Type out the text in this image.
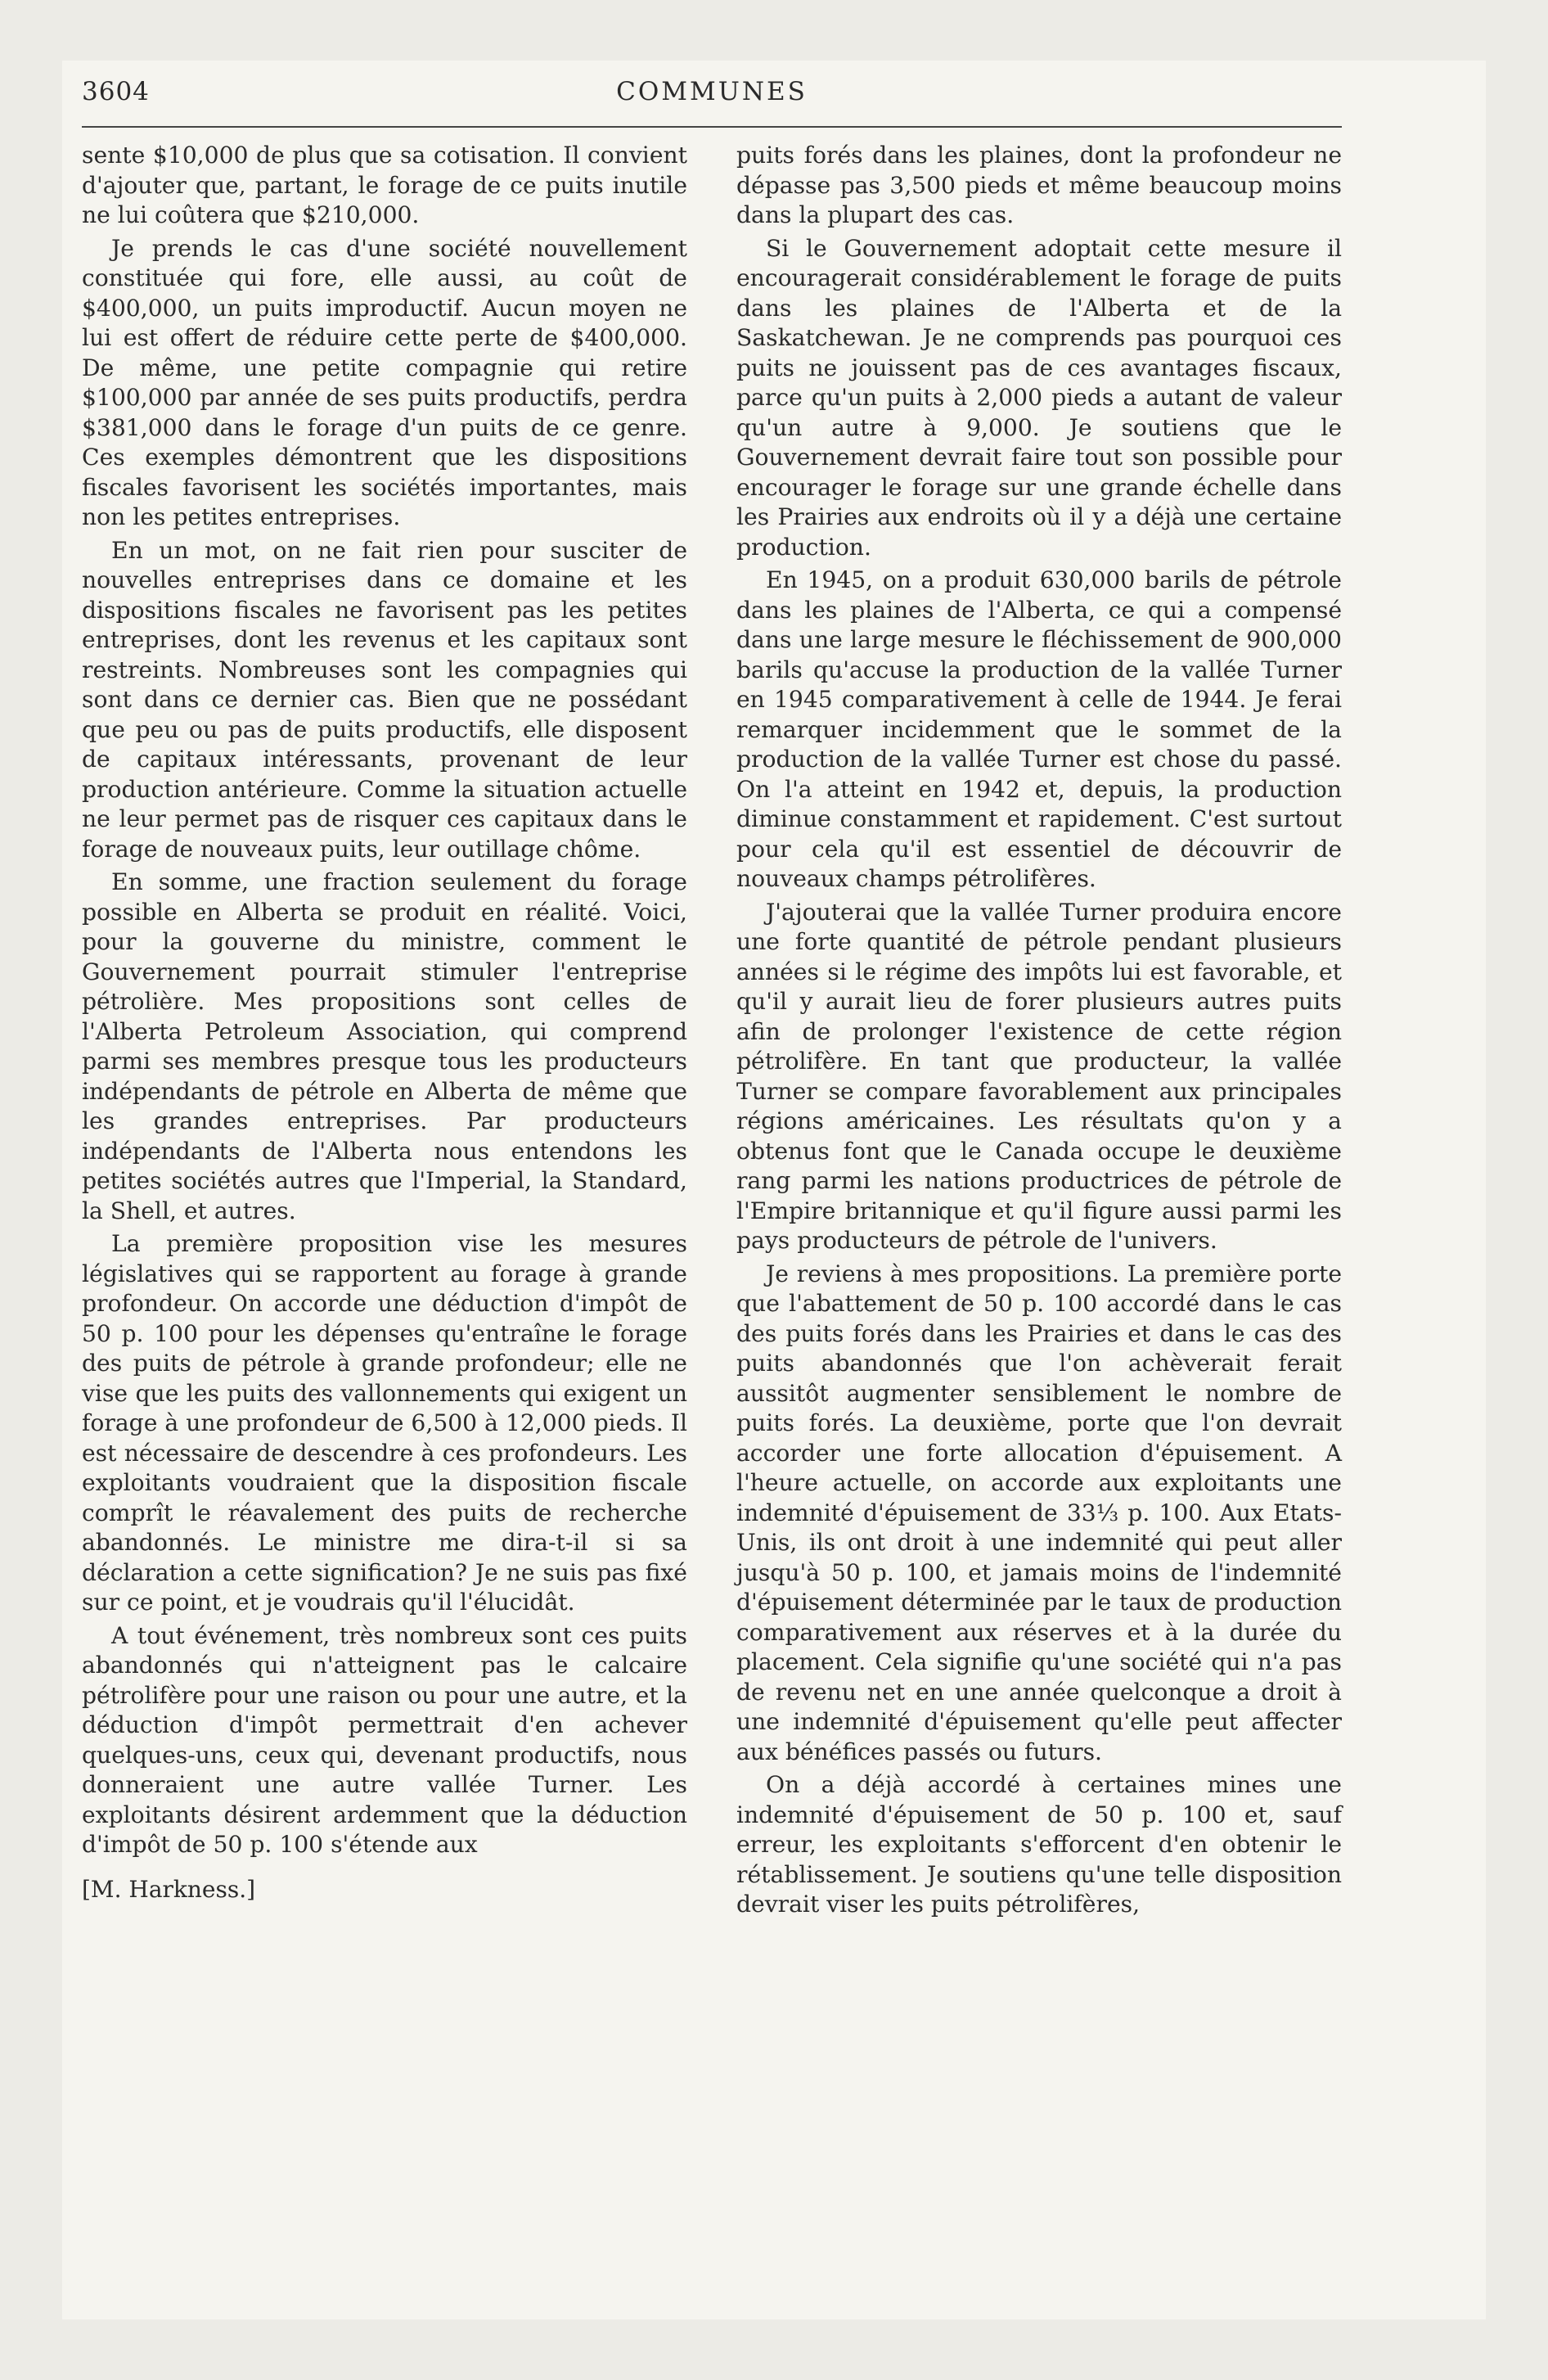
3604	COMMUNES

sente $10,000 de plus que sa cotisation. Il convient d'ajouter que, partant, le forage de ce puits inutile ne lui coûtera que $210,000.

Je prends le cas d'une société nouvellement constituée qui fore, elle aussi, au coût de $400,000, un puits improductif. Aucun moyen ne lui est offert de réduire cette perte de $400,000. De même, une petite compagnie qui retire $100,000 par année de ses puits productifs, perdra $381,000 dans le forage d'un puits de ce genre. Ces exemples démontrent que les dispositions fiscales favorisent les sociétés importantes, mais non les petites entreprises.

En un mot, on ne fait rien pour susciter de nouvelles entreprises dans ce domaine et les dispositions fiscales ne favorisent pas les petites entreprises, dont les revenus et les capitaux sont restreints. Nombreuses sont les compagnies qui sont dans ce dernier cas. Bien que ne possédant que peu ou pas de puits productifs, elle disposent de capitaux intéressants, provenant de leur production antérieure. Comme la situation actuelle ne leur permet pas de risquer ces capitaux dans le forage de nouveaux puits, leur outillage chôme.

En somme, une fraction seulement du forage possible en Alberta se produit en réalité. Voici, pour la gouverne du ministre, comment le Gouvernement pourrait stimuler l'entreprise pétrolière. Mes propositions sont celles de l'Alberta Petroleum Association, qui comprend parmi ses membres presque tous les producteurs indépendants de pétrole en Alberta de même que les grandes entreprises. Par producteurs indépendants de l'Alberta nous entendons les petites sociétés autres que l'Imperial, la Standard, la Shell, et autres.

La première proposition vise les mesures législatives qui se rapportent au forage à grande profondeur. On accorde une déduction d'impôt de 50 p. 100 pour les dépenses qu'entraîne le forage des puits de pétrole à grande profondeur; elle ne vise que les puits des vallonnements qui exigent un forage à une profondeur de 6,500 à 12,000 pieds. Il est nécessaire de descendre à ces profondeurs. Les exploitants voudraient que la disposition fiscale comprît le réavalement des puits de recherche abandonnés. Le ministre me dira-t-il si sa déclaration a cette signification? Je ne suis pas fixé sur ce point, et je voudrais qu'il l'élucidât.

A tout événement, très nombreux sont ces puits abandonnés qui n'atteignent pas le calcaire pétrolifère pour une raison ou pour une autre, et la déduction d'impôt permettrait d'en achever quelques-uns, ceux qui, devenant productifs, nous donneraient une autre vallée Turner. Les exploitants désirent ardemment que la déduction d'impôt de 50 p. 100 s'étende aux

[M. Harkness.]

puits forés dans les plaines, dont la profondeur ne dépasse pas 3,500 pieds et même beaucoup moins dans la plupart des cas.

Si le Gouvernement adoptait cette mesure il encouragerait considérablement le forage de puits dans les plaines de l'Alberta et de la Saskatchewan. Je ne comprends pas pourquoi ces puits ne jouissent pas de ces avantages fiscaux, parce qu'un puits à 2,000 pieds a autant de valeur qu'un autre à 9,000. Je soutiens que le Gouvernement devrait faire tout son possible pour encourager le forage sur une grande échelle dans les Prairies aux endroits où il y a déjà une certaine production.

En 1945, on a produit 630,000 barils de pétrole dans les plaines de l'Alberta, ce qui a compensé dans une large mesure le fléchissement de 900,000 barils qu'accuse la production de la vallée Turner en 1945 comparativement à celle de 1944. Je ferai remarquer incidemment que le sommet de la production de la vallée Turner est chose du passé. On l'a atteint en 1942 et, depuis, la production diminue constamment et rapidement. C'est surtout pour cela qu'il est essentiel de découvrir de nouveaux champs pétrolifères.

J'ajouterai que la vallée Turner produira encore une forte quantité de pétrole pendant plusieurs années si le régime des impôts lui est favorable, et qu'il y aurait lieu de forer plusieurs autres puits afin de prolonger l'existence de cette région pétrolifère. En tant que producteur, la vallée Turner se compare favorablement aux principales régions américaines. Les résultats qu'on y a obtenus font que le Canada occupe le deuxième rang parmi les nations productrices de pétrole de l'Empire britannique et qu'il figure aussi parmi les pays producteurs de pétrole de l'univers.

Je reviens à mes propositions. La première porte que l'abattement de 50 p. 100 accordé dans le cas des puits forés dans les Prairies et dans le cas des puits abandonnés que l'on achèverait ferait aussitôt augmenter sensiblement le nombre de puits forés. La deuxième, porte que l'on devrait accorder une forte allocation d'épuisement. A l'heure actuelle, on accorde aux exploitants une indemnité d'épuisement de 33⅓ p. 100. Aux Etats-Unis, ils ont droit à une indemnité qui peut aller jusqu'à 50 p. 100, et jamais moins de l'indemnité d'épuisement déterminée par le taux de production comparativement aux réserves et à la durée du placement. Cela signifie qu'une société qui n'a pas de revenu net en une année quelconque a droit à une indemnité d'épuisement qu'elle peut affecter aux bénéfices passés ou futurs.

On a déjà accordé à certaines mines une indemnité d'épuisement de 50 p. 100 et, sauf erreur, les exploitants s'efforcent d'en obtenir le rétablissement. Je soutiens qu'une telle disposition devrait viser les puits pétrolifères,
